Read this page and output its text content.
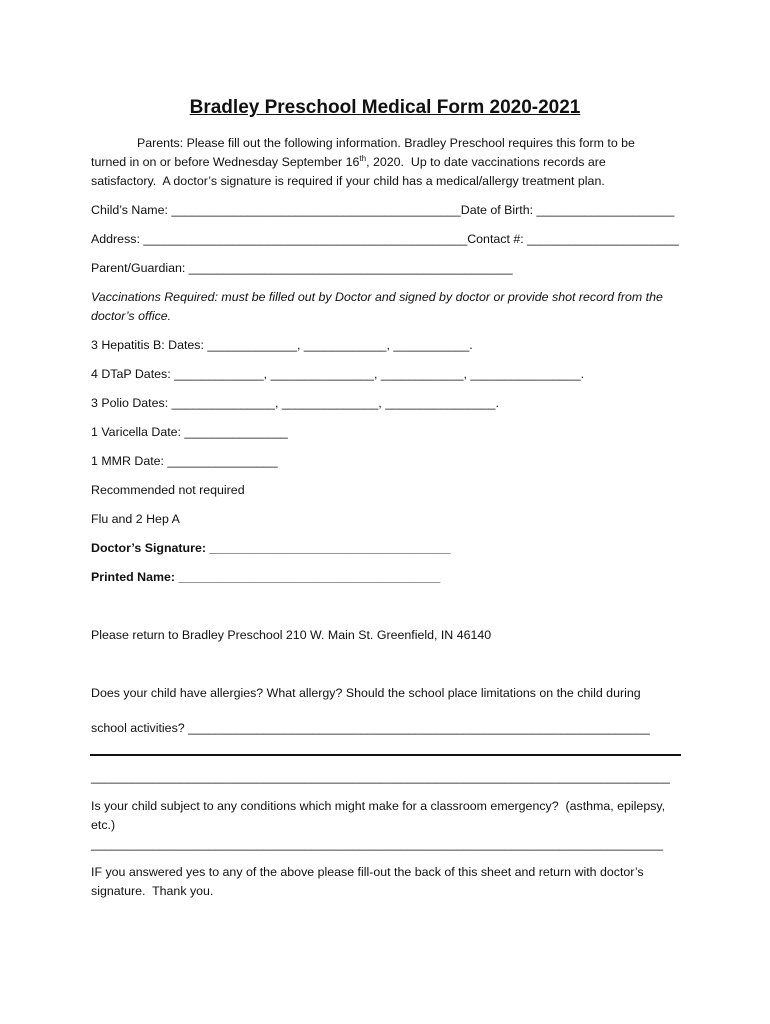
Bradley Preschool Medical Form 2020-2021
Parents: Please fill out the following information. Bradley Preschool requires this form to be
turned in on or before Wednesday September 16th, 2020.  Up to date vaccinations records are
satisfactory.  A doctor’s signature is required if your child has a medical/allergy treatment plan.
Child’s Name: __________________________________________Date of Birth: ____________________
Address: _______________________________________________Contact #: ______________________
Parent/Guardian: _______________________________________________
Vaccinations Required: must be filled out by Doctor and signed by doctor or provide shot record from the
doctor’s office.
3 Hepatitis B: Dates: _____________, ____________, ___________.
4 DTaP Dates: _____________, _______________, ____________, ________________.
3 Polio Dates: _______________, ______________, ________________.
1 Varicella Date: _______________
1 MMR Date: ________________
Recommended not required
Flu and 2 Hep A
Doctor’s Signature: ___________________________________
Printed Name: ______________________________________
Please return to Bradley Preschool 210 W. Main St. Greenfield, IN 46140
Does your child have allergies? What allergy? Should the school place limitations on the child during
school activities? ___________________________________________________________________
____________________________________________________________________________________
Is your child subject to any conditions which might make for a classroom emergency?  (asthma, epilepsy,
etc.)
___________________________________________________________________________________
IF you answered yes to any of the above please fill-out the back of this sheet and return with doctor’s
signature.  Thank you.
